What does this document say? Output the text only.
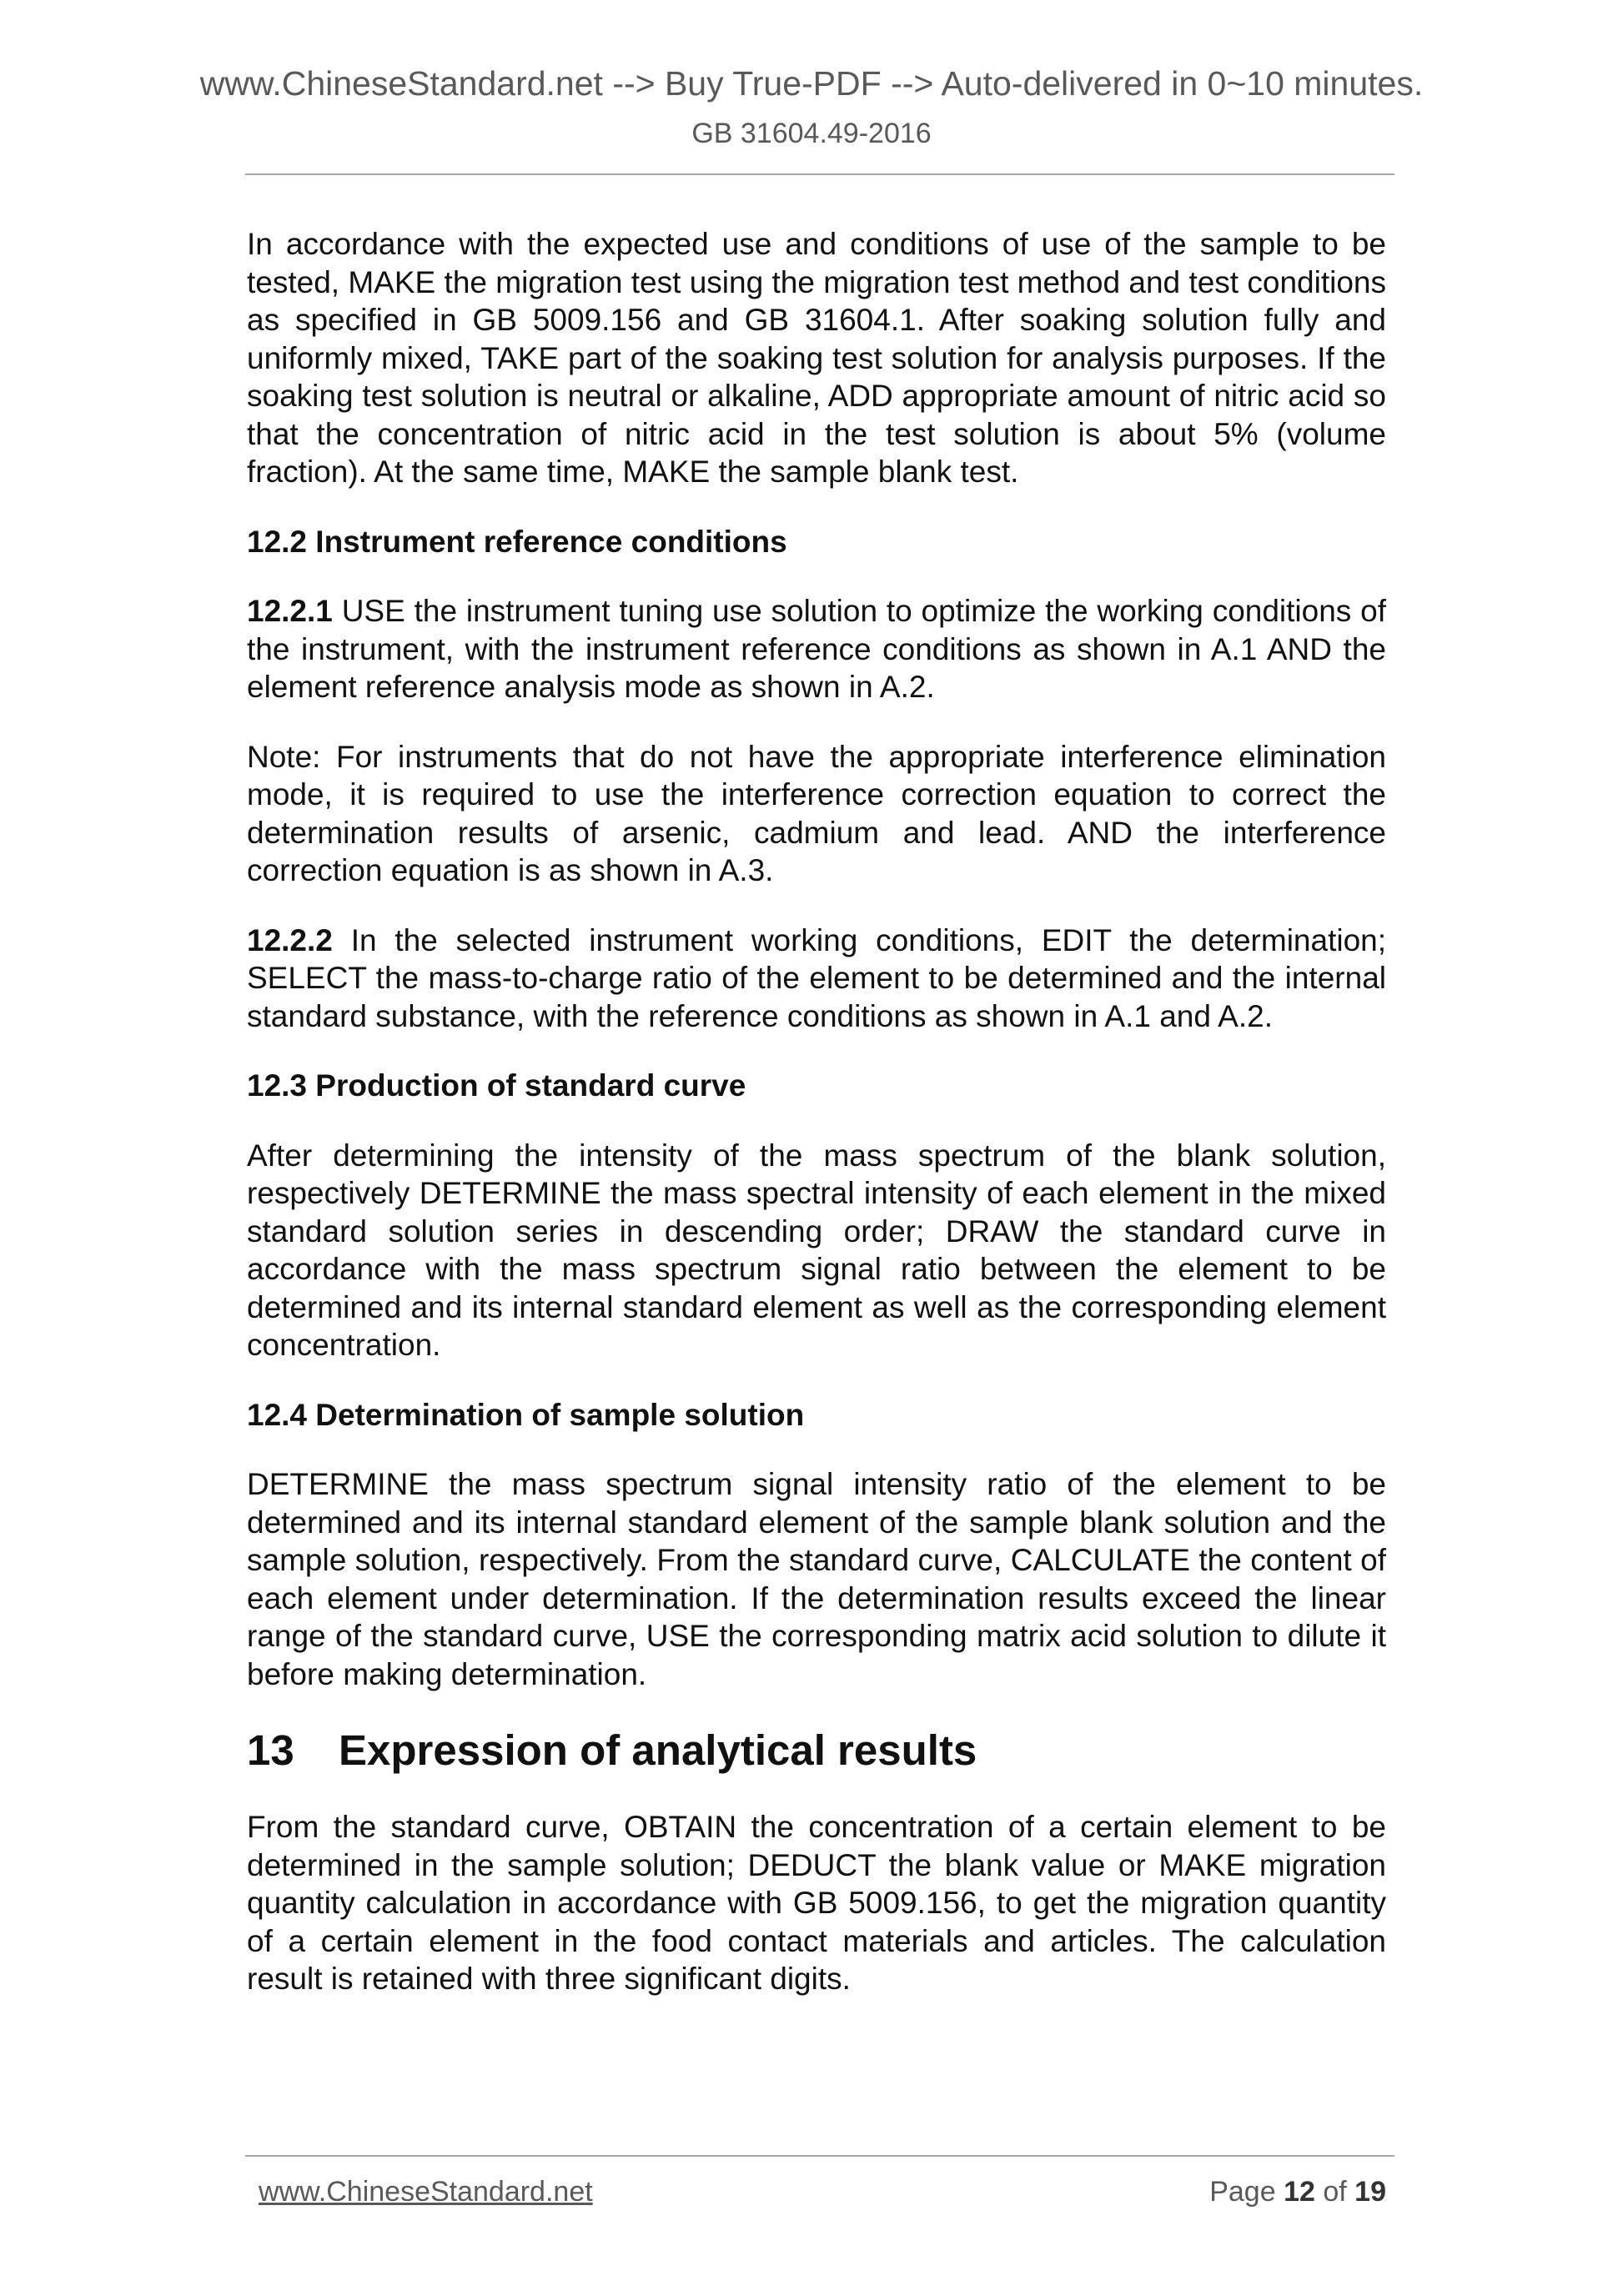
www.ChineseStandard.net --> Buy True-PDF --> Auto-delivered in 0~10 minutes.
GB 31604.49-2016

In accordance with the expected use and conditions of use of the sample to be tested, MAKE the migration test using the migration test method and test conditions as specified in GB 5009.156 and GB 31604.1. After soaking solution fully and uniformly mixed, TAKE part of the soaking test solution for analysis purposes. If the soaking test solution is neutral or alkaline, ADD appropriate amount of nitric acid so that the concentration of nitric acid in the test solution is about 5% (volume fraction). At the same time, MAKE the sample blank test.

12.2 Instrument reference conditions

12.2.1 USE the instrument tuning use solution to optimize the working conditions of the instrument, with the instrument reference conditions as shown in A.1 AND the element reference analysis mode as shown in A.2.

Note: For instruments that do not have the appropriate interference elimination mode, it is required to use the interference correction equation to correct the determination results of arsenic, cadmium and lead. AND the interference correction equation is as shown in A.3.

12.2.2 In the selected instrument working conditions, EDIT the determination; SELECT the mass-to-charge ratio of the element to be determined and the internal standard substance, with the reference conditions as shown in A.1 and A.2.

12.3 Production of standard curve

After determining the intensity of the mass spectrum of the blank solution, respectively DETERMINE the mass spectral intensity of each element in the mixed standard solution series in descending order; DRAW the standard curve in accordance with the mass spectrum signal ratio between the element to be determined and its internal standard element as well as the corresponding element concentration.

12.4 Determination of sample solution

DETERMINE the mass spectrum signal intensity ratio of the element to be determined and its internal standard element of the sample blank solution and the sample solution, respectively. From the standard curve, CALCULATE the content of each element under determination. If the determination results exceed the linear range of the standard curve, USE the corresponding matrix acid solution to dilute it before making determination.

13 Expression of analytical results

From the standard curve, OBTAIN the concentration of a certain element to be determined in the sample solution; DEDUCT the blank value or MAKE migration quantity calculation in accordance with GB 5009.156, to get the migration quantity of a certain element in the food contact materials and articles. The calculation result is retained with three significant digits.

www.ChineseStandard.net	Page 12 of 19
